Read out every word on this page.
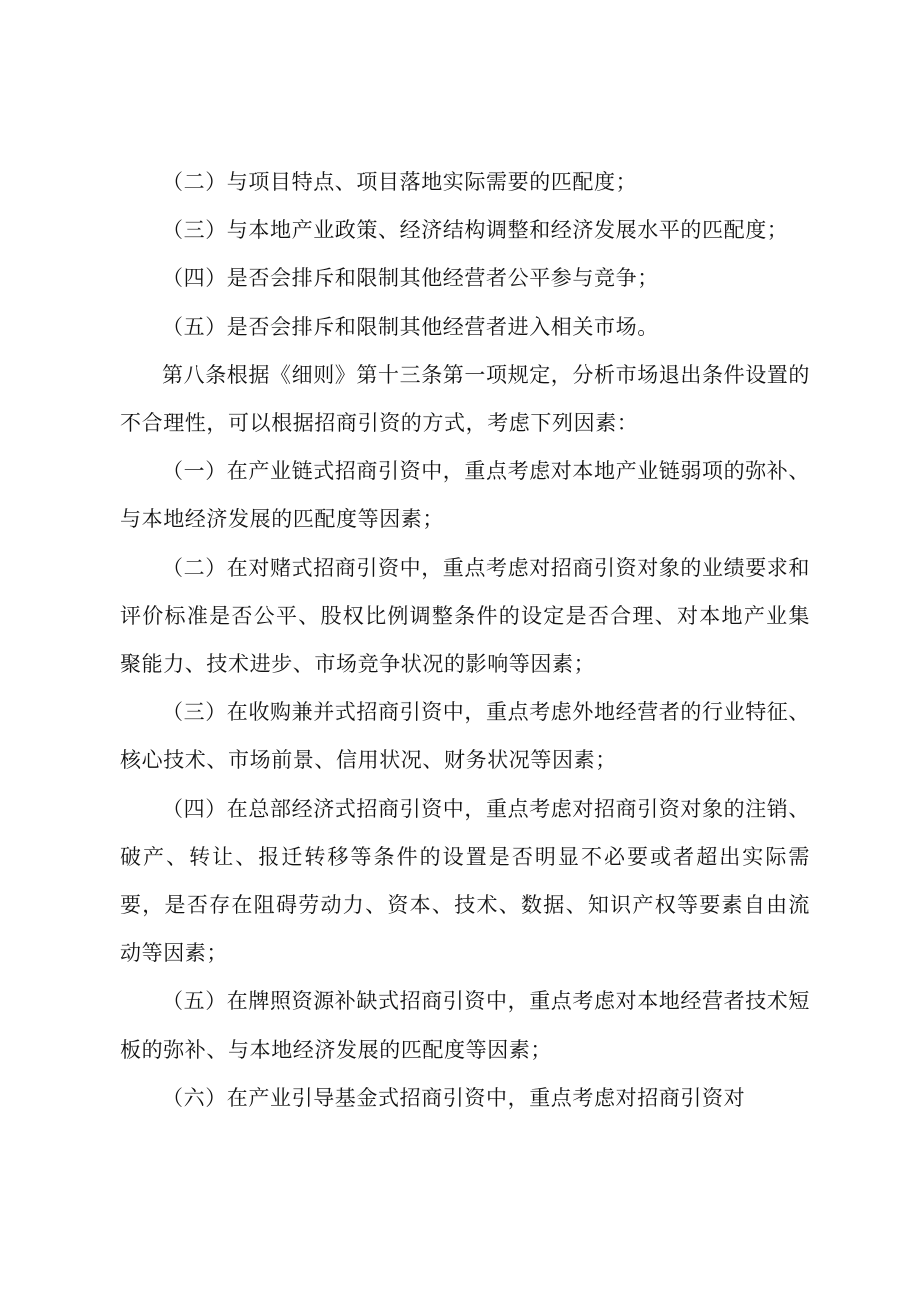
（二）与项目特点、项目落地实际需要的匹配度；

（三）与本地产业政策、经济结构调整和经济发展水平的匹配度；

（四）是否会排斥和限制其他经营者公平参与竞争；

（五）是否会排斥和限制其他经营者进入相关市场。

第八条根据《细则》第十三条第一项规定，分析市场退出条件设置的不合理性，可以根据招商引资的方式，考虑下列因素：

（一）在产业链式招商引资中，重点考虑对本地产业链弱项的弥补、与本地经济发展的匹配度等因素；

（二）在对赌式招商引资中，重点考虑对招商引资对象的业绩要求和评价标准是否公平、股权比例调整条件的设定是否合理、对本地产业集聚能力、技术进步、市场竞争状况的影响等因素；

（三）在收购兼并式招商引资中，重点考虑外地经营者的行业特征、核心技术、市场前景、信用状况、财务状况等因素；

（四）在总部经济式招商引资中，重点考虑对招商引资对象的注销、破产、转让、报迁转移等条件的设置是否明显不必要或者超出实际需要，是否存在阻碍劳动力、资本、技术、数据、知识产权等要素自由流动等因素；

（五）在牌照资源补缺式招商引资中，重点考虑对本地经营者技术短板的弥补、与本地经济发展的匹配度等因素；

（六）在产业引导基金式招商引资中，重点考虑对招商引资对
